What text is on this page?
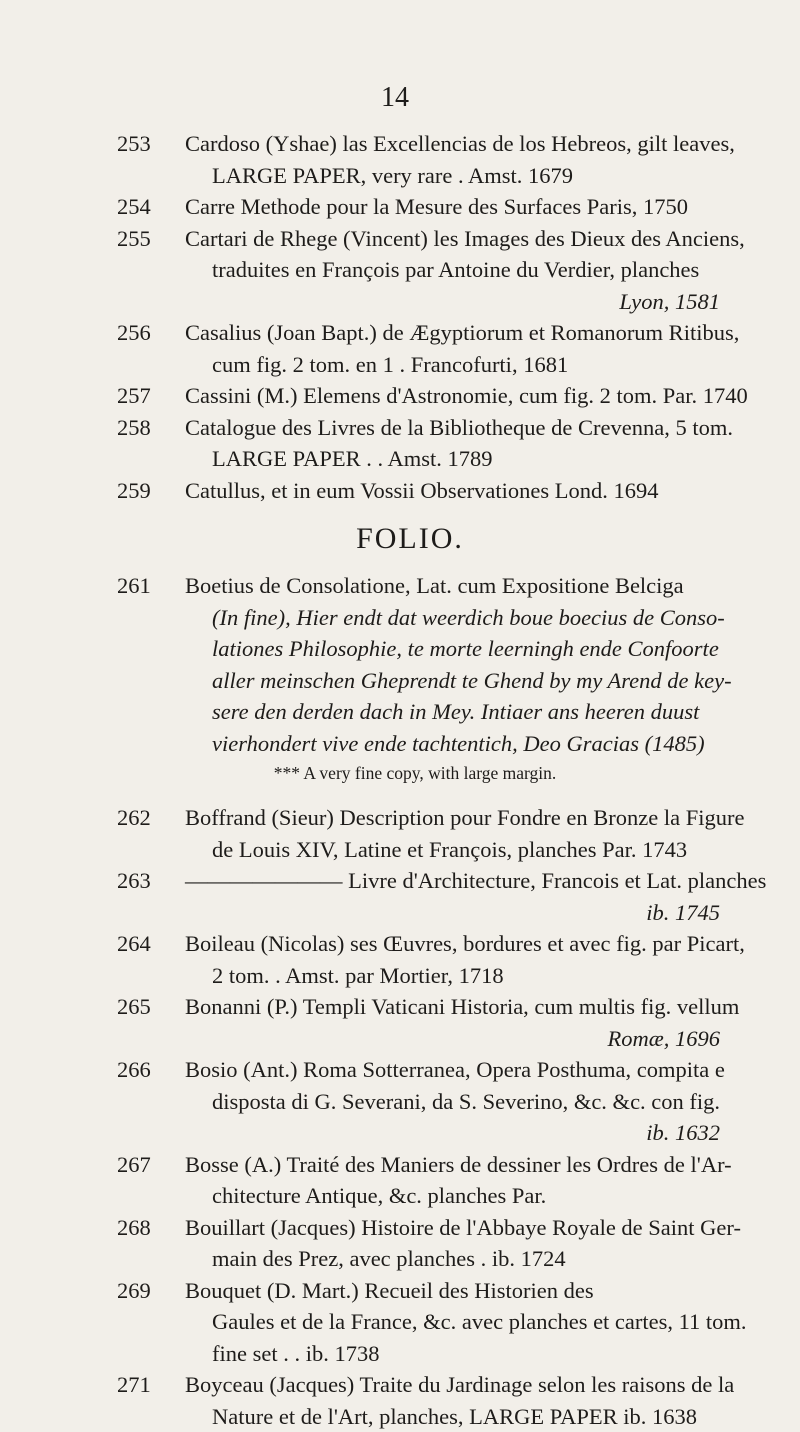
14
253 Cardoso (Yshae) las Excellencias de los Hebreos, gilt leaves,
LARGE PAPER, very rare . Amst. 1679
254 Carre Methode pour la Mesure des Surfaces Paris, 1750
255 Cartari de Rhege (Vincent) les Images des Dieux des Anciens,
traduites en François par Antoine du Verdier, planches
Lyon, 1581
256 Casalius (Joan Bapt.) de Ægyptiorum et Romanorum Ritibus,
cum fig. 2 tom. en 1 . Francofurti, 1681
257 Cassini (M.) Elemens d'Astronomie, cum fig. 2 tom. Par. 1740
258 Catalogue des Livres de la Bibliotheque de Crevenna, 5 tom.
LARGE PAPER . . Amst. 1789
259 Catullus, et in eum Vossii Observationes Lond. 1694
FOLIO.
261 Boetius de Consolatione, Lat. cum Expositione Belciga
(In fine), Hier endt dat weerdich boue boecius de Conso-
lationes Philosophie, te morte leerningh ende Confoorte
aller meinschen Gheprendt te Ghend by my Arend de key-
sere den derden dach in Mey. Intiaer ans heeren duust
vierhondert vive ende tachtentich, Deo Gracias (1485)
*** A very fine copy, with large margin.
262 Boffrand (Sieur) Description pour Fondre en Bronze la Figure
de Louis XIV, Latine et François, planches Par. 1743
263 ——————— Livre d'Architecture, Francois et Lat. planches
ib. 1745
264 Boileau (Nicolas) ses Œuvres, bordures et avec fig. par Picart,
2 tom. . Amst. par Mortier, 1718
265 Bonanni (P.) Templi Vaticani Historia, cum multis fig. vellum
Romæ, 1696
266 Bosio (Ant.) Roma Sotterranea, Opera Posthuma, compita e
disposta di G. Severani, da S. Severino, &c. &c. con fig.
ib. 1632
267 Bosse (A.) Traité des Maniers de dessiner les Ordres de l'Ar-
chitecture Antique, &c. planches Par.
268 Bouillart (Jacques) Histoire de l'Abbaye Royale de Saint Ger-
main des Prez, avec planches . ib. 1724
269 Bouquet (D. Mart.) Recueil des Historien des
Gaules et de la France, &c. avec planches et cartes, 11 tom.
fine set . . ib. 1738
271 Boyceau (Jacques) Traite du Jardinage selon les raisons de la
Nature et de l'Art, planches, LARGE PAPER ib. 1638
